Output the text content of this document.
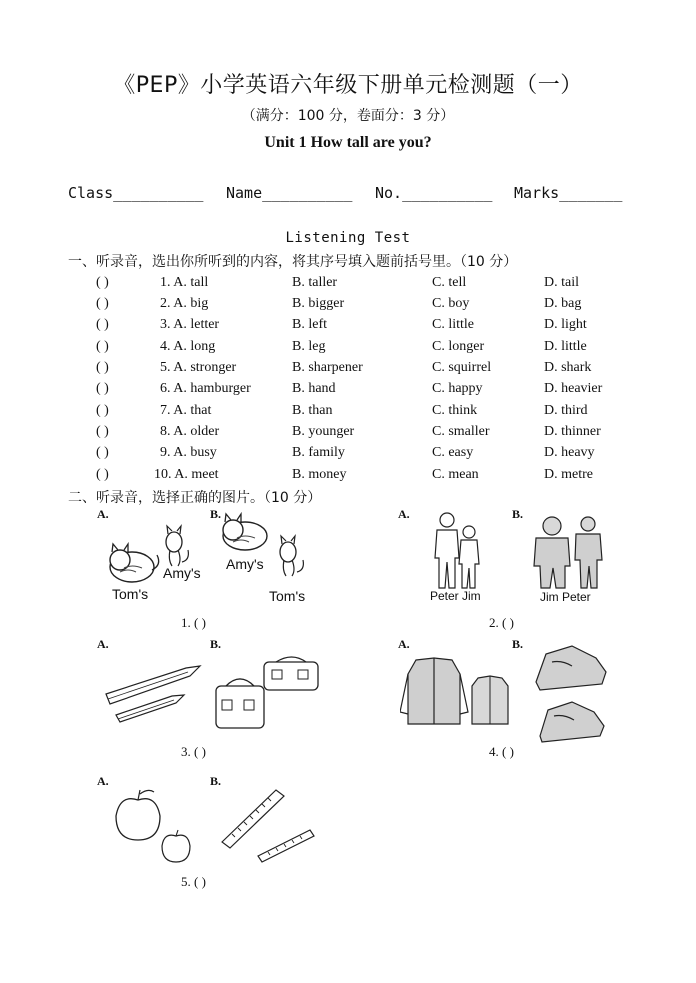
《PEP》小学英语六年级下册单元检测题（一）
（满分：100 分，卷面分：3 分）
Unit 1 How tall are you?
Class__________ Name__________ No.__________ Marks_______
Listening Test
一、听录音，选出你所听到的内容，将其序号填入题前括号里。（10 分）
( )	1. A. tall	B. taller	C. tell	D. tail
( )	2. A. big	B. bigger	C. boy	D. bag
( )	3. A. letter	B. left	C. little	D. light
( )	4. A. long	B. leg	C. longer	D. little
( )	5. A. stronger	B. sharpener	C. squirrel	D. shark
( )	6. A. hamburger	B. hand	C. happy	D. heavier
( )	7. A. that	B. than	C. think	D. third
( )	8. A. older	B. younger	C. smaller	D. thinner
( )	9. A. busy	B. family	C. easy	D. heavy
( )	10. A. meet	B. money	C. mean	D. metre
二、听录音，选择正确的图片。（10 分）
A.	B.	A.	B.
Amy's
Tom's
Amy's
Tom's	Peter Jim	Jim Peter
1. ( )	2. ( )
A.	B.	A.	B.
3. ( )	4. ( )
A.	B.
5. ( )
